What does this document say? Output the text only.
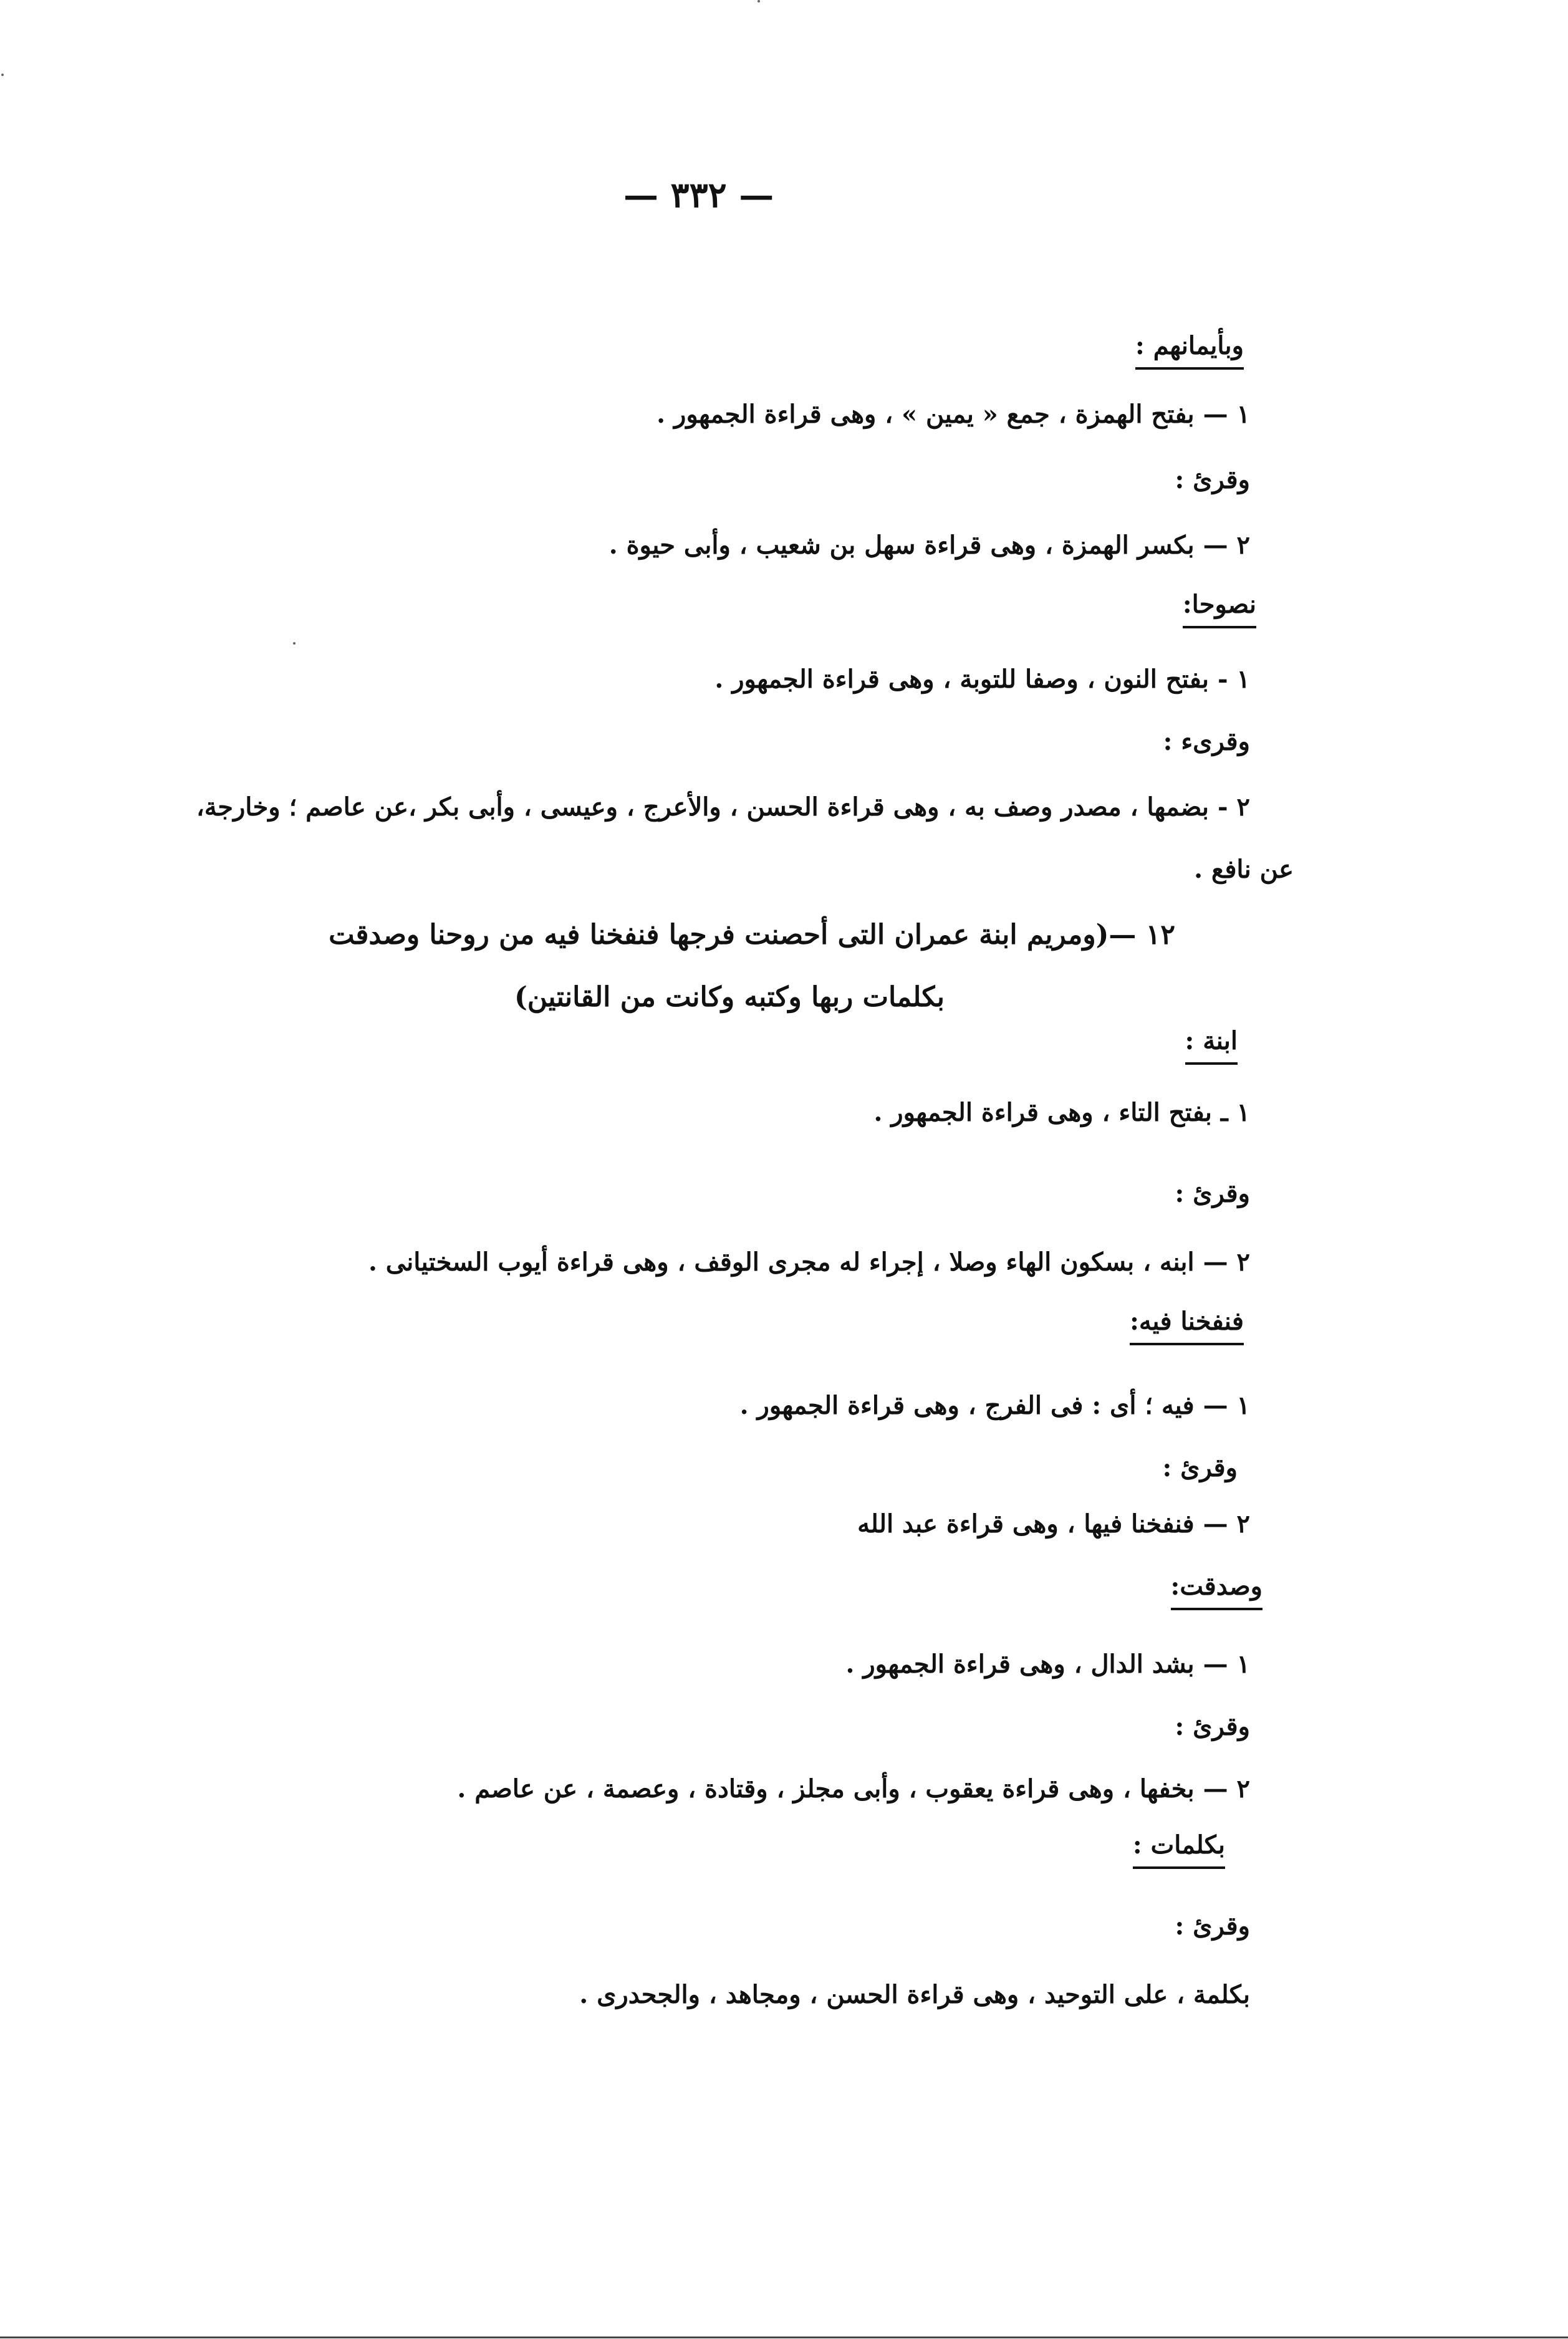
— ٣٣٢ —
وبأيمانهم :
١ — بفتح الهمزة ، جمع « يمين » ، وهى قراءة الجمهور .
وقرئ :
٢ — بكسر الهمزة ، وهى قراءة سهل بن شعيب ، وأبى حيوة .
نصوحا:
١ - بفتح النون ، وصفا للتوبة ، وهى قراءة الجمهور .
وقرىء :
٢ - بضمها ، مصدر وصف به ، وهى قراءة الحسن ، والأعرج ، وعيسى ، وأبى بكر ،عن عاصم ؛ وخارجة،
عن نافع .
١٢ —(ومريم ابنة عمران التى أحصنت فرجها فنفخنا فيه من روحنا وصدقت
بكلمات ربها وكتبه وكانت من القانتين)
ابنة :
١ ـ بفتح التاء ، وهى قراءة الجمهور .
وقرئ :
٢ — ابنه ، بسكون الهاء وصلا ، إجراء له مجرى الوقف ، وهى قراءة أيوب السختيانى .
فنفخنا فيه:
١ — فيه ؛ أى : فى الفرج ، وهى قراءة الجمهور .
وقرئ :
٢ — فنفخنا فيها ، وهى قراءة عبد الله
وصدقت:
١ — بشد الدال ، وهى قراءة الجمهور .
وقرئ :
٢ — بخفها ، وهى قراءة يعقوب ، وأبى مجلز ، وقتادة ، وعصمة ، عن عاصم .
بكلمات :
وقرئ :
بكلمة ، على التوحيد ، وهى قراءة الحسن ، ومجاهد ، والجحدرى .
